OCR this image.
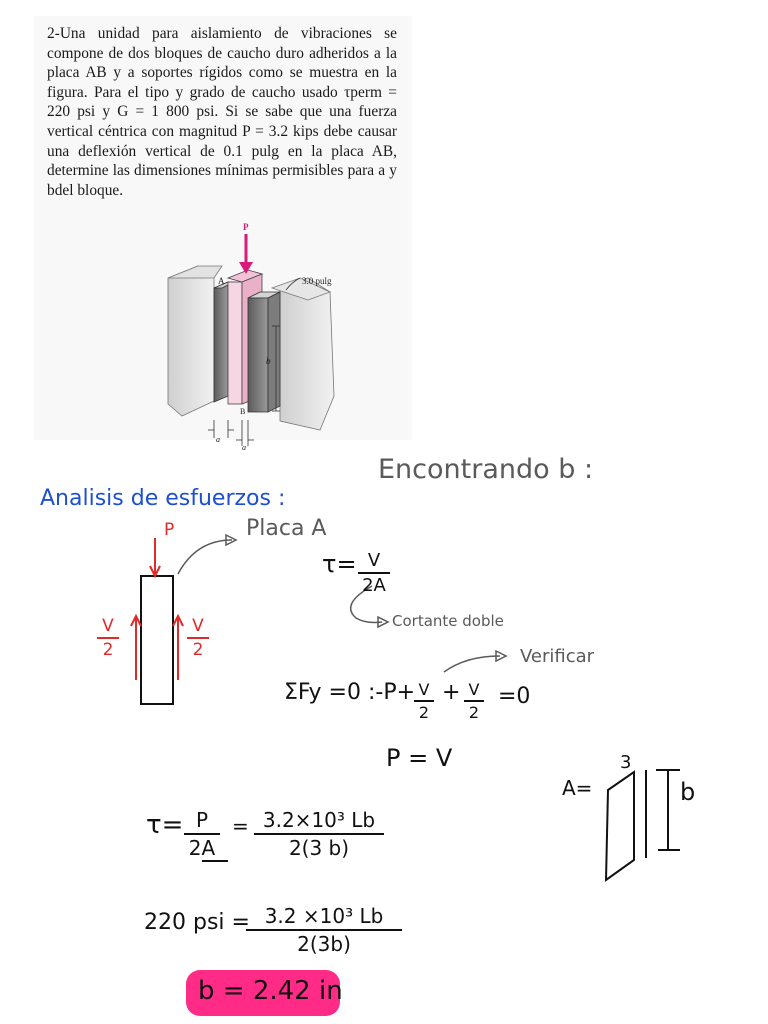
2-Una unidad para aislamiento de vibraciones se compone de dos bloques de caucho duro adheridos a la placa AB y a soportes rígidos como se muestra en la figura. Para el tipo y grado de caucho usado τperm = 220 psi y G = 1 800 psi. Si se sabe que una fuerza vertical céntrica con magnitud P = 3.2 kips debe causar una deflexión vertical de 0.1 pulg en la placa AB, determine las dimensiones mínimas permisibles para a y bdel bloque.

P
A
B
3.0 pulg
b
a
a
Encontrando b :
Analisis de esfuerzos :
P	Placa A
V
2
V
2
τ= V
2A
Cortante doble
Verificar
ΣFy =0 :-P+ V
2
+ V
2
=0
P = V
A=
3
b
τ= P
2A
= 3.2×10³ Lb
2(3 b)
220 psi = 3.2 ×10³ Lb
2(3b)
b = 2.42 in
